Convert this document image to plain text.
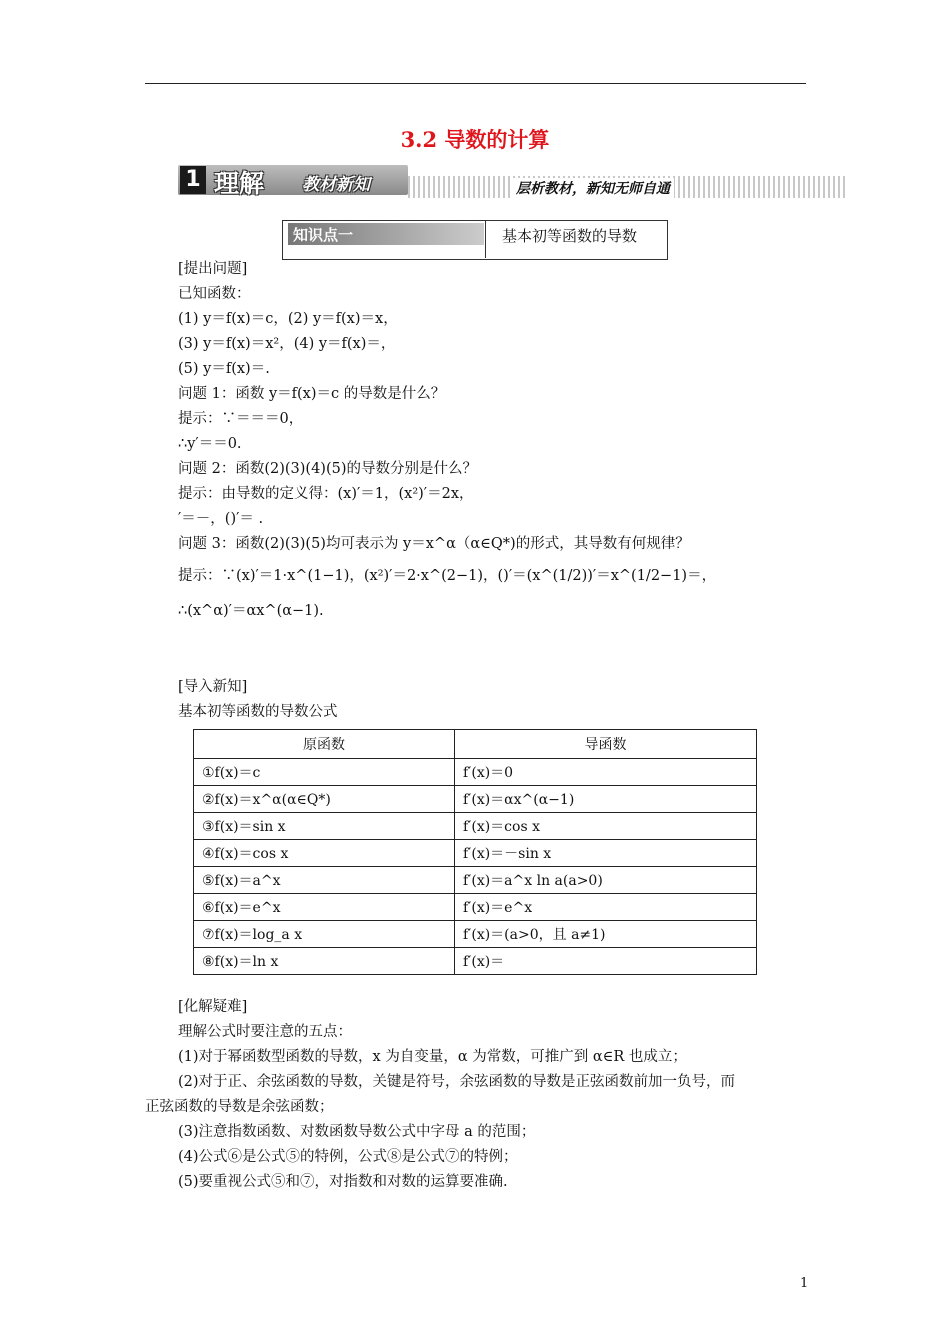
3.2 导数的计算
1 理解 教材新知	层析教材，新知无师自通
知识点一	基本初等函数的导数
[提出问题]
已知函数：
(1) y＝f(x)＝c，(2) y＝f(x)＝x，
(3) y＝f(x)＝x²，(4) y＝f(x)＝，
(5) y＝f(x)＝.
问题 1：函数 y＝f(x)＝c 的导数是什么？
提示：∵＝＝＝0，
∴y′＝＝0.
问题 2：函数(2)(3)(4)(5)的导数分别是什么？
提示：由导数的定义得：(x)′＝1，(x²)′＝2x，
′＝－，()′＝ .
问题 3：函数(2)(3)(5)均可表示为 y＝x^α（α∈Q*)的形式，其导数有何规律？
提示：∵(x)′＝1·x^(1−1)，(x²)′＝2·x^(2−1)，()′＝(x^(1/2))′＝x^(1/2−1)＝，
∴(x^α)′＝αx^(α−1).
[导入新知]
基本初等函数的导数公式
原函数	导函数
①f(x)＝c	f′(x)＝0
②f(x)＝x^α(α∈Q*)	f′(x)＝αx^(α−1)
③f(x)＝sin x	f′(x)＝cos x
④f(x)＝cos x	f′(x)＝－sin x
⑤f(x)＝a^x	f′(x)＝a^x ln a(a>0)
⑥f(x)＝e^x	f′(x)＝e^x
⑦f(x)＝log_a x	f′(x)＝(a>0，且 a≠1)
⑧f(x)＝ln x	f′(x)＝
[化解疑难]
理解公式时要注意的五点：
(1)对于幂函数型函数的导数，x 为自变量，α 为常数，可推广到 α∈R 也成立；
(2)对于正、余弦函数的导数，关键是符号，余弦函数的导数是正弦函数前加一负号，而
正弦函数的导数是余弦函数；
(3)注意指数函数、对数函数导数公式中字母 a 的范围；
(4)公式⑥是公式⑤的特例，公式⑧是公式⑦的特例；
(5)要重视公式⑤和⑦，对指数和对数的运算要准确.
1
